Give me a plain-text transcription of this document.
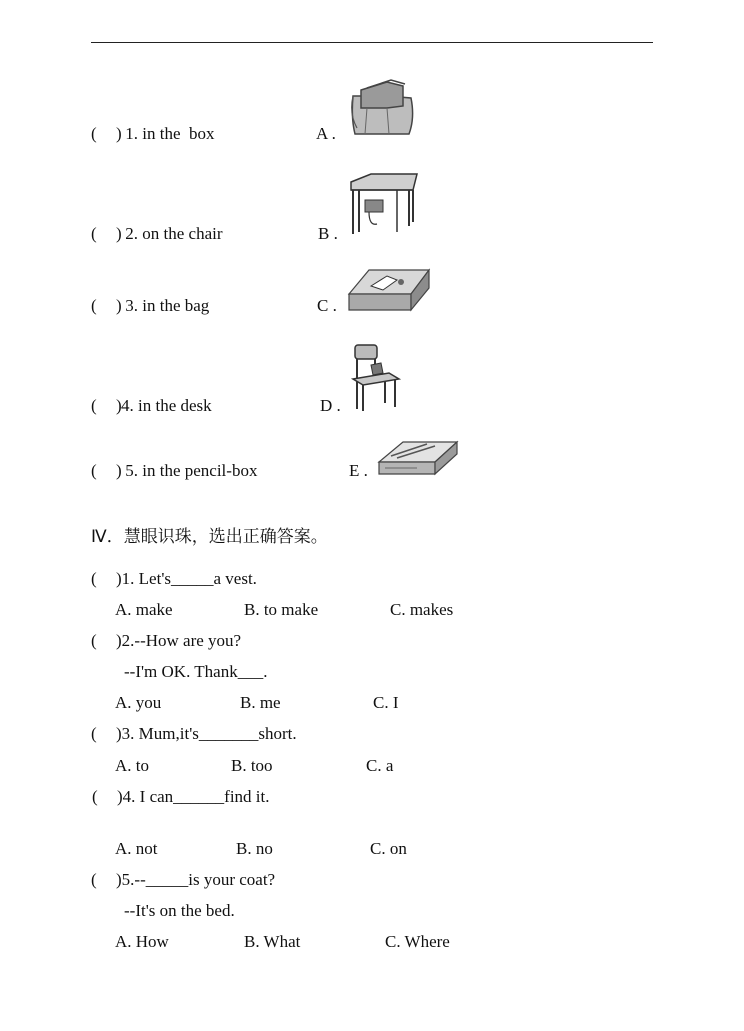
( ) 1. in the  box	A .
( ) 2. on the chair	B .
( ) 3. in the bag	C .
( ) 4. in the desk	D .
( ) 5. in the pencil-box	E .
Ⅳ．慧眼识珠，选出正确答案。
( )1. Let's_____a vest.
A. make	B. to make	C. makes
( )2.--How are you?
--I'm OK. Thank___.
A. you	B. me	C. I
( )3. Mum,it's_______short.
A. to	B. too	C. a
( )4. I can______find it.
A. not	B. no	C. on
( )5.--_____is your coat?
--It's on the bed.
A. How	B. What	C. Where
